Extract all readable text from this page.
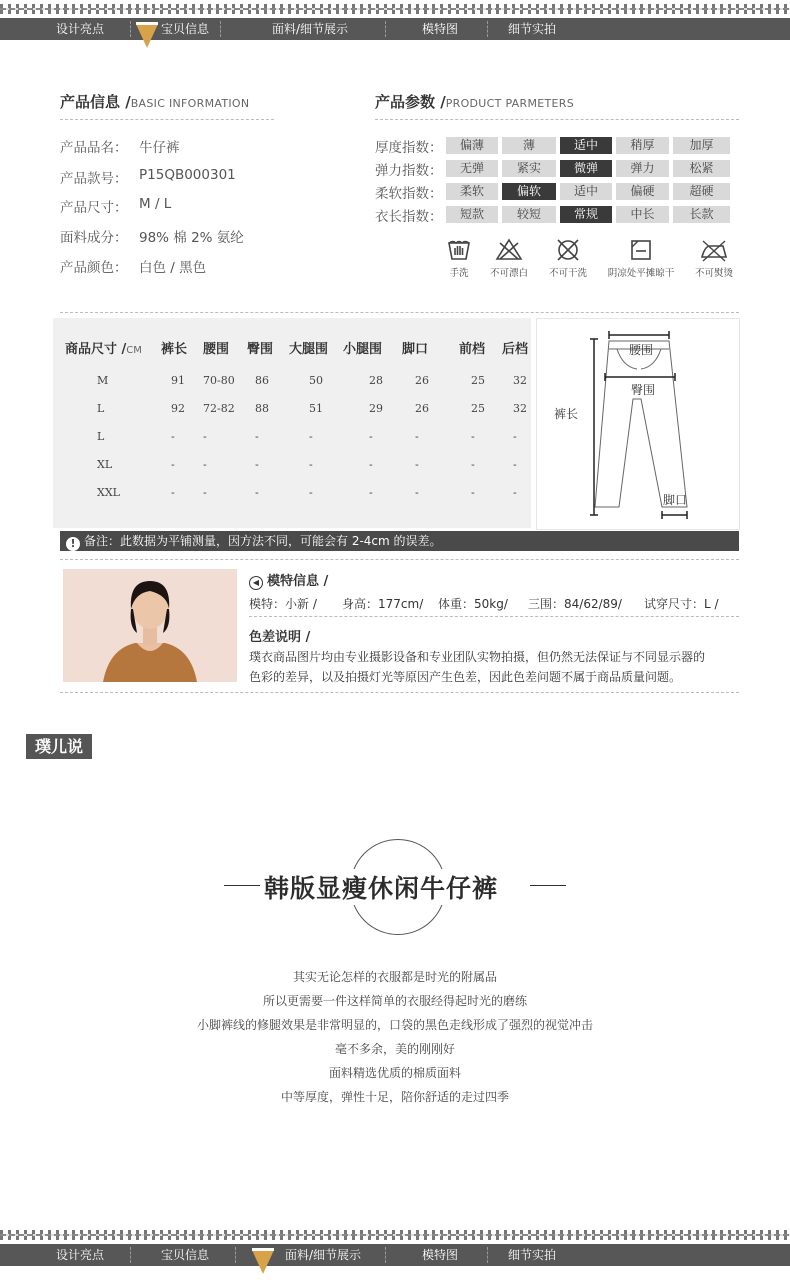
设计亮点	宝贝信息	面料/细节展示	模特图	细节实拍
产品信息 /BASIC INFORMATION
产品品名： 牛仔裤
产品款号： P15QB000301
产品尺寸： M / L
面料成分： 98% 棉 2% 氨纶
产品颜色： 白色 / 黑色
产品参数 /PRODUCT PARMETERS
厚度指数：	偏薄	薄	适中	稍厚	加厚
弹力指数：	无弹	紧实	微弹	弹力	松紧
柔软指数：	柔软	偏软	适中	偏硬	超硬
衣长指数：	短款	较短	常规	中长	长款
手洗	不可漂白	不可干洗	阴凉处平摊晾干	不可熨烫
商品尺寸 /CM 裤长 腰围 臀围 大腿围 小腿围 脚口 前档 后档
M	91 70-80 86	50	28	26	25	32
L	92 72-82 88	51	29	26	25	32
L	-	-	-	-	-	-	-	-
XL	-	-	-	-	-	-	-	-
XXL	-	-	-	-	-	-	-	-
腰围
臀围
裤长
脚口
! 备注：此数据为平铺测量，因方法不同，可能会有 2-4cm 的误差。
◀ 模特信息 /
模特：小新 / 身高：177cm/ 体重：50kg/ 三围：84/62/89/ 试穿尺寸：L /
色差说明 /
璞衣商品图片均由专业摄影设备和专业团队实物拍摄，但仍然无法保证与不同显示器的
色彩的差异，以及拍摄灯光等原因产生色差，因此色差问题不属于商品质量问题。
璞儿说
韩版显瘦休闲牛仔裤
其实无论怎样的衣服都是时光的附属品
所以更需要一件这样简单的衣服经得起时光的磨练
小脚裤线的修腿效果是非常明显的，口袋的黑色走线形成了强烈的视觉冲击
毫不多余，美的刚刚好
面料精选优质的棉质面料
中等厚度，弹性十足，陪你舒适的走过四季
设计亮点	宝贝信息	面料/细节展示	模特图	细节实拍
